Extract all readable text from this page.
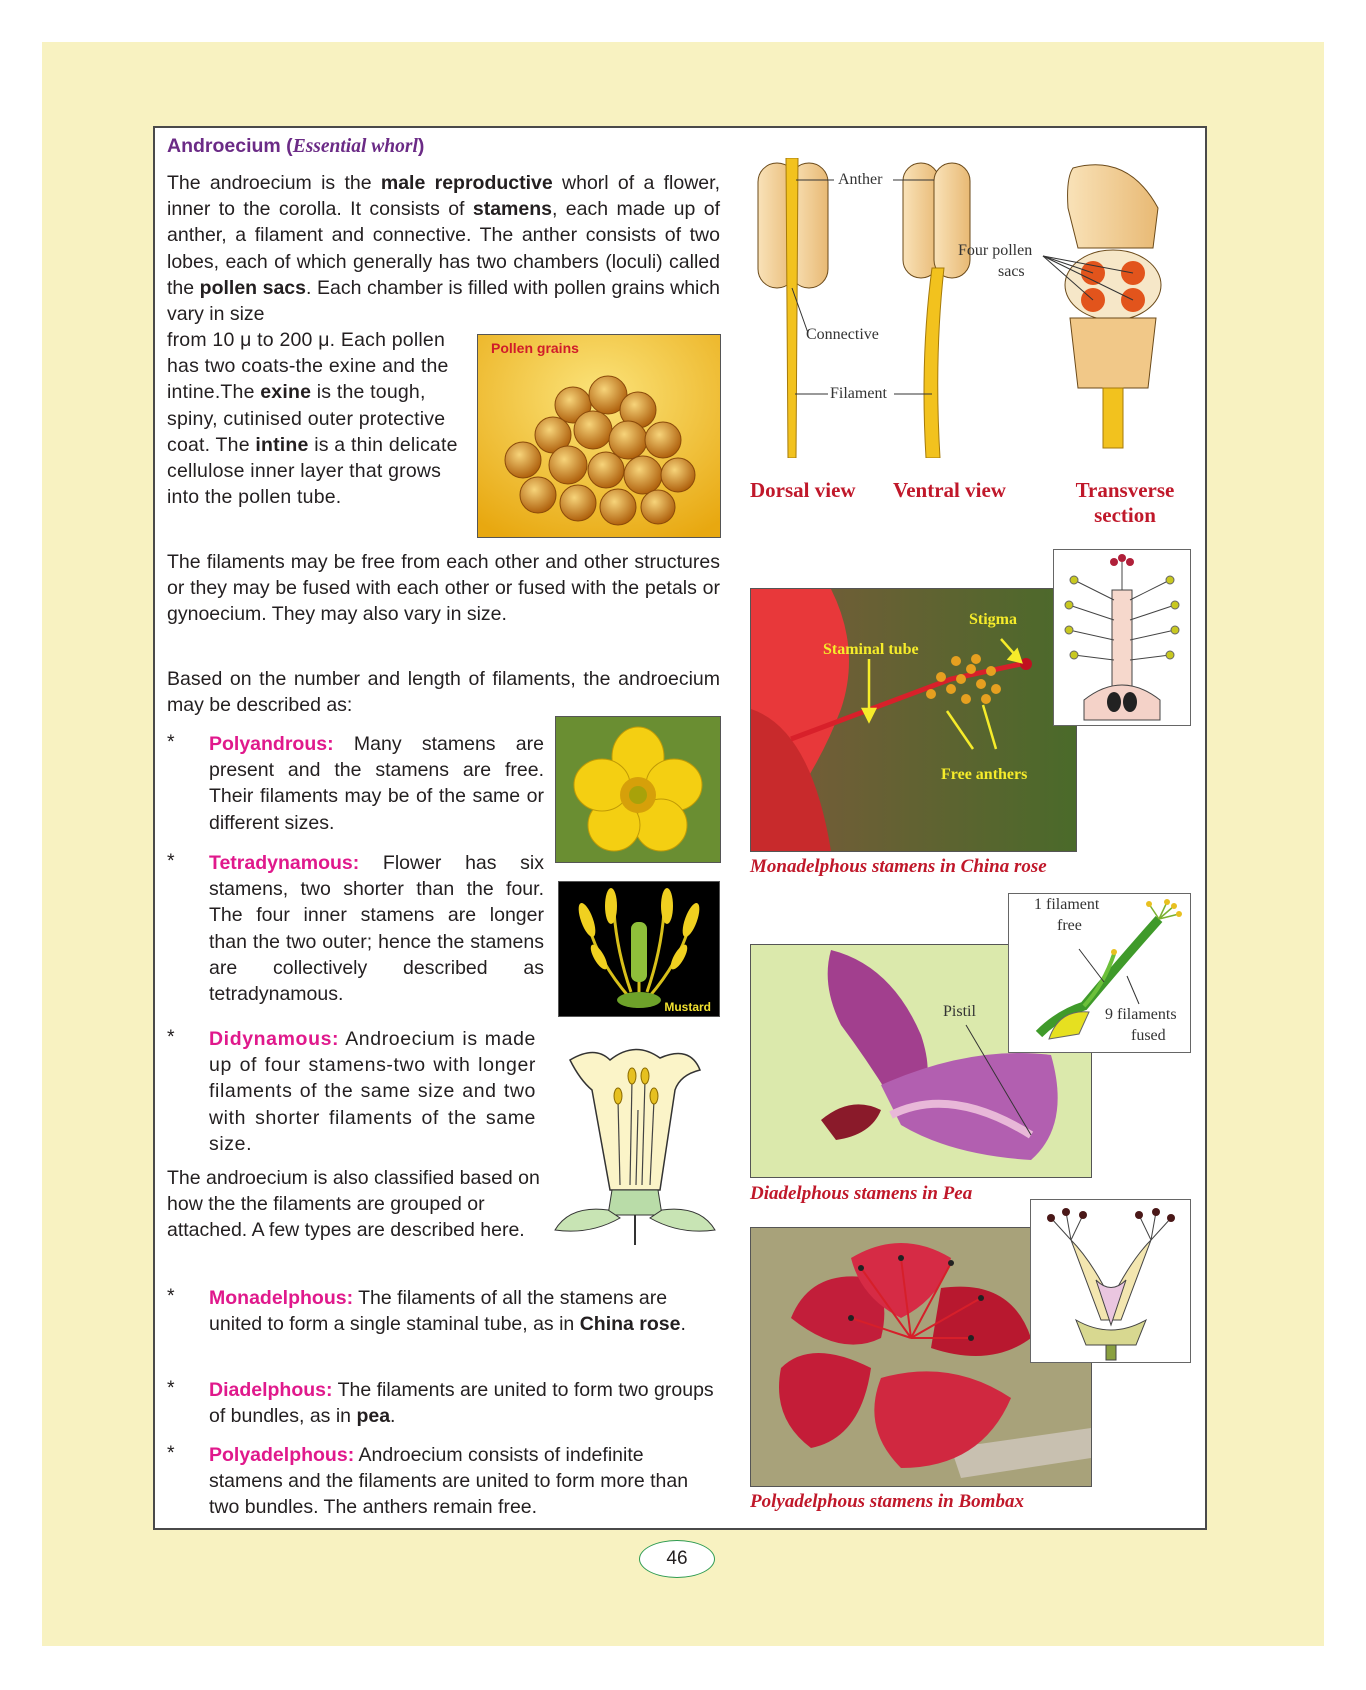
Androecium (Essential whorl)
The androecium is the male reproductive whorl of a flower, inner to the corolla. It consists of stamens, each made up of anther, a filament and connective. The anther consists of two lobes, each of which generally has two chambers (loculi) called the pollen sacs. Each chamber is filled with pollen grains which vary in size
from 10 μ to 200 μ. Each pollen has two coats-the exine and the intine.The exine is the tough, spiny, cutinised outer protective coat. The intine is a thin delicate cellulose inner layer that grows into the pollen tube.
Pollen grains
The filaments may be free from each other and other structures or they may be fused with each other or fused with the petals or gynoecium. They may also vary in size.
Based on the number and length of filaments, the androecium may be described as:
* Polyandrous: Many stamens are present and the stamens are free. Their filaments may be of the same or different sizes.
* Tetradynamous: Flower has six stamens, two shorter than the four. The four inner stamens are longer than the two outer; hence the stamens are collectively described as tetradynamous.
Mustard
* Didynamous: Androecium is made up of four stamens-two with longer filaments of the same size and two with shorter filaments of the same size.
The androecium is also classified based on how the the filaments are grouped or attached. A few types are described here.
* Monadelphous: The filaments of all the stamens are united to form a single staminal tube, as in China rose.
* Diadelphous: The filaments are united to form two groups of bundles, as in pea.
* Polyadelphous: Androecium consists of indefinite stamens and the filaments are united to form more than two bundles. The anthers remain free.
Anther
Connective
Filament
Four pollen
sacs
Dorsal view Ventral view	Transverse
section
Staminal tube
Stigma
Free anthers
Monadelphous stamens in China rose
Pistil
1 filament
free
9 filaments
fused
Diadelphous stamens in Pea
Polyadelphous stamens in Bombax
46
